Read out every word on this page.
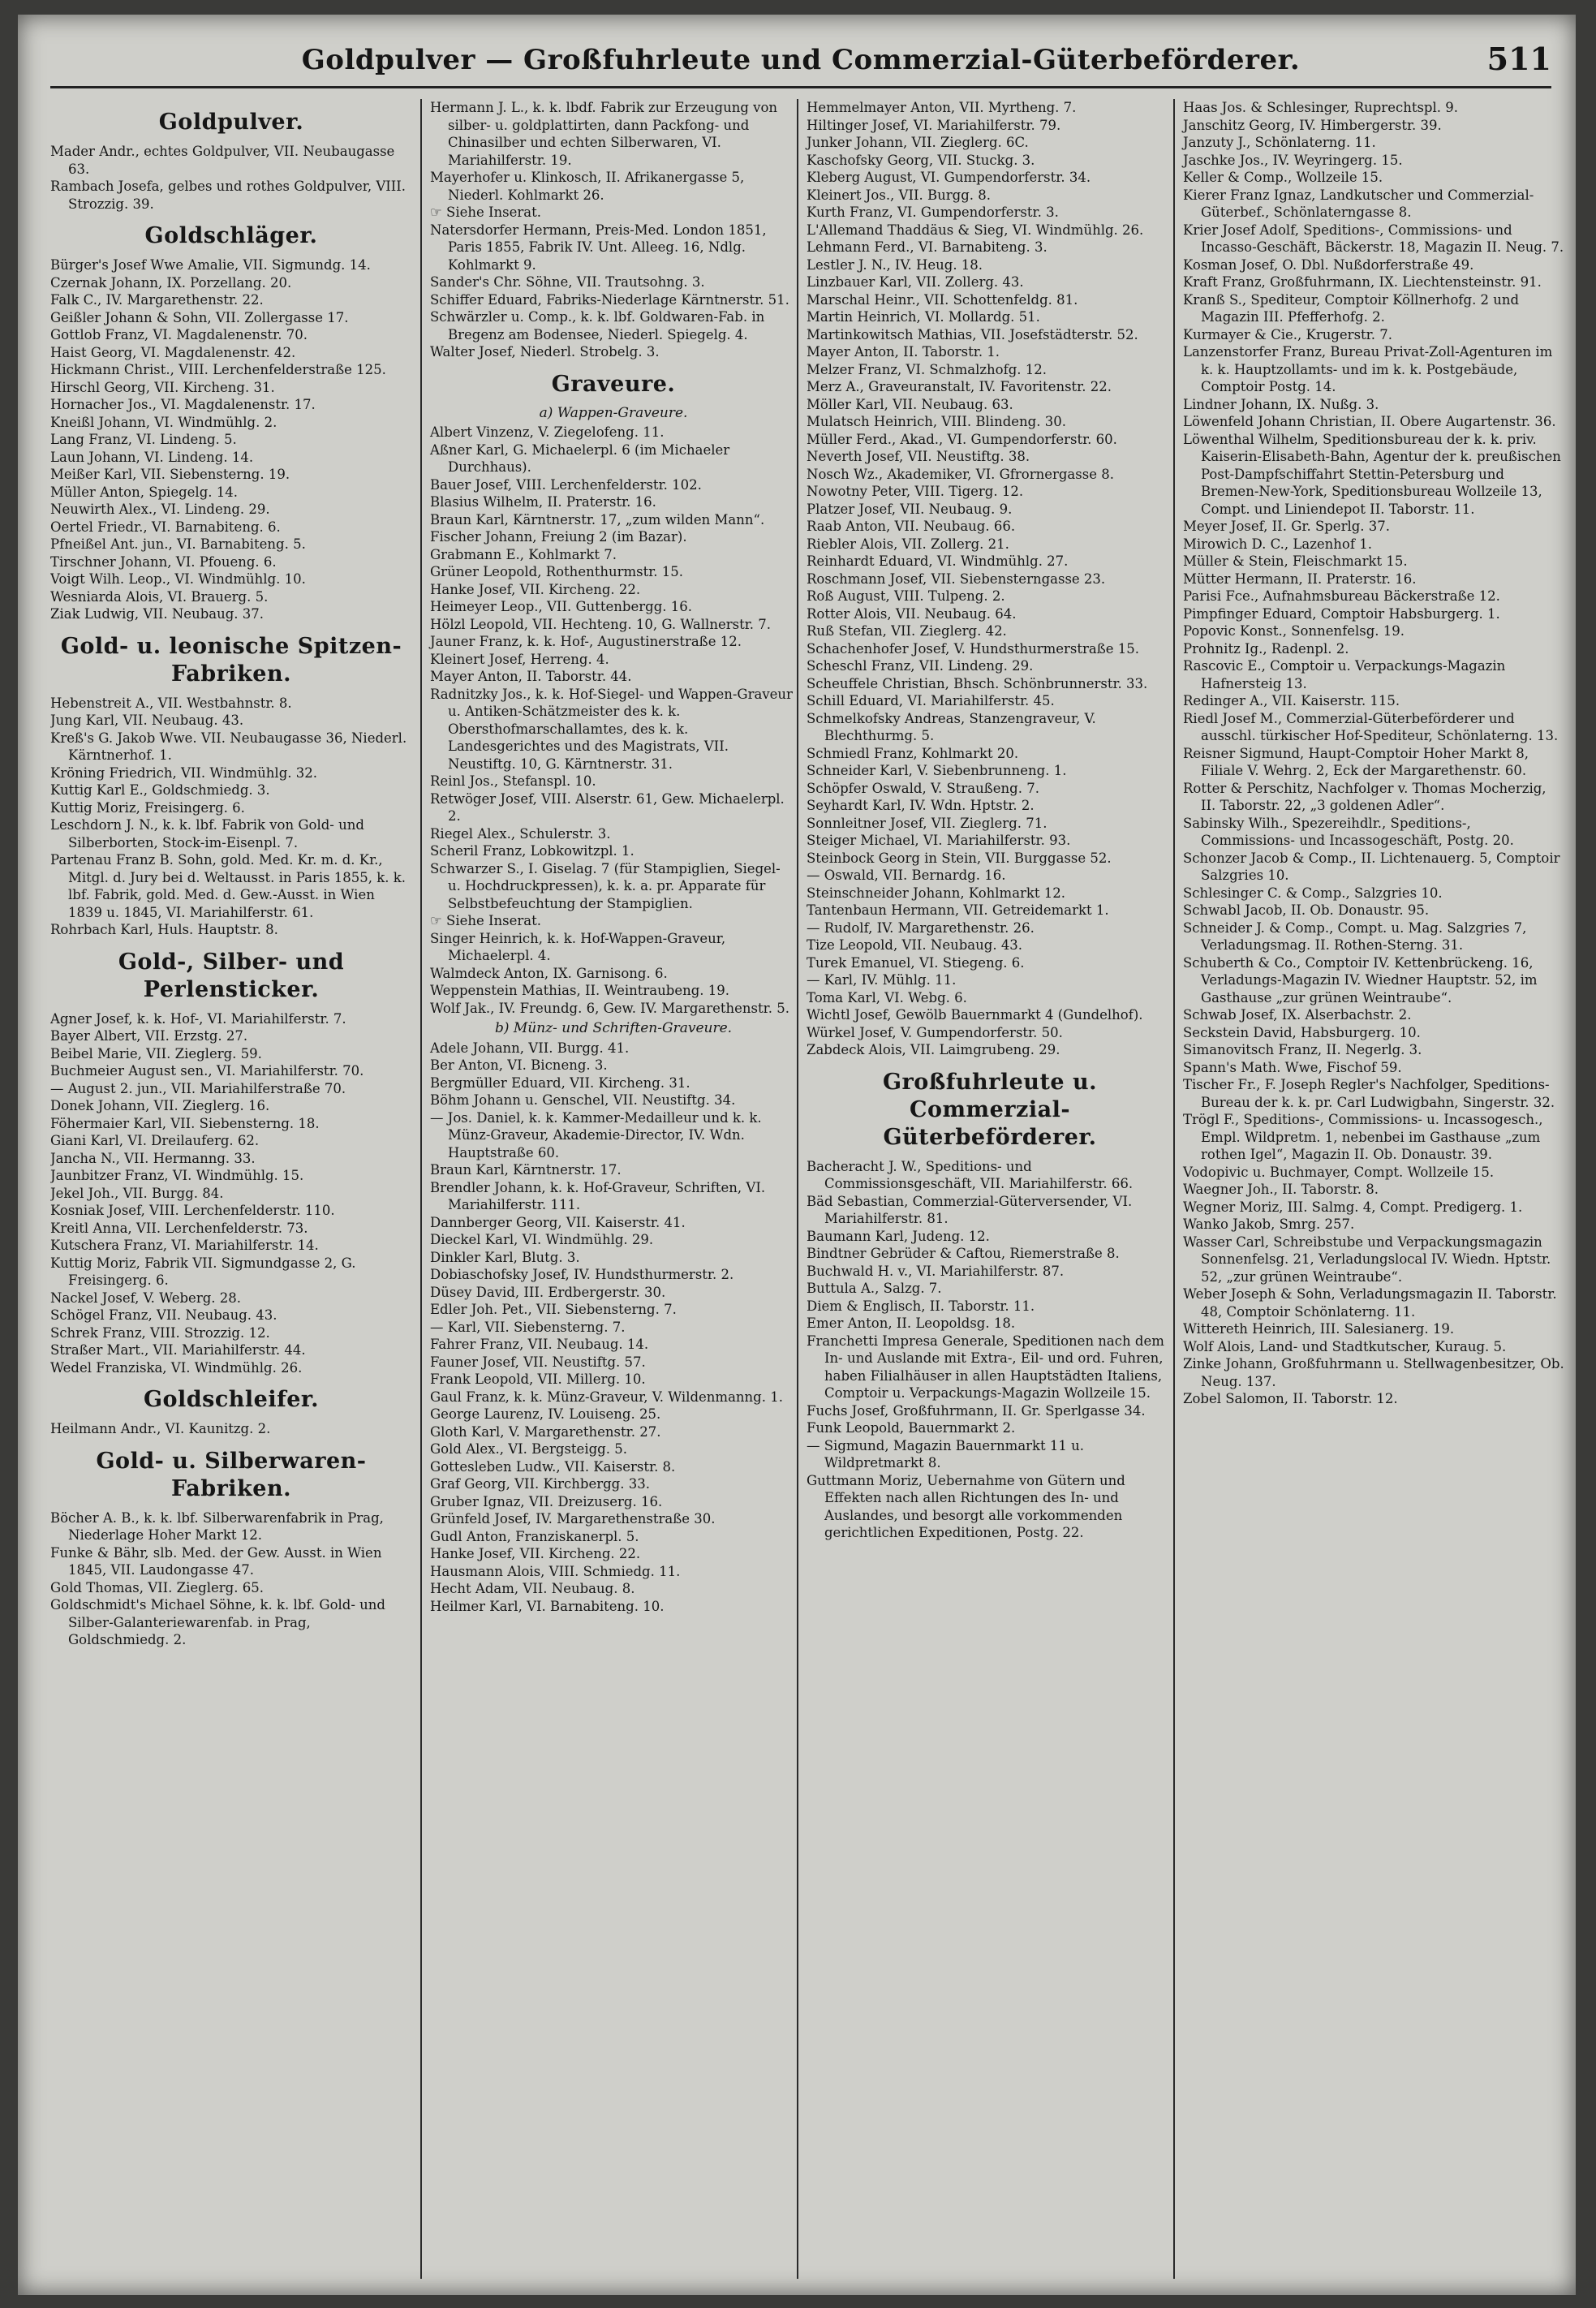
Goldpulver — Großfuhrleute und Commerzial-Güterbeförderer.	511
Goldpulver.
Mader Andr., echtes Goldpulver, VII. Neubaugasse 63.
Rambach Josefa, gelbes und rothes Goldpulver, VIII. Strozzig. 39.
Goldschläger.
Bürger's Josef Wwe Amalie, VII. Sigmundg. 14.
Czernak Johann, IX. Porzellang. 20.
Falk C., IV. Margarethenstr. 22.
Geißler Johann & Sohn, VII. Zollergasse 17.
Gottlob Franz, VI. Magdalenenstr. 70.
Haist Georg, VI. Magdalenenstr. 42.
Hickmann Christ., VIII. Lerchenfelderstraße 125.
Hirschl Georg, VII. Kircheng. 31.
Hornacher Jos., VI. Magdalenenstr. 17.
Kneißl Johann, VI. Windmühlg. 2.
Lang Franz, VI. Lindeng. 5.
Laun Johann, VI. Lindeng. 14.
Meißer Karl, VII. Siebensterng. 19.
Müller Anton, Spiegelg. 14.
Neuwirth Alex., VI. Lindeng. 29.
Oertel Friedr., VI. Barnabiteng. 6.
Pfneißel Ant. jun., VI. Barnabiteng. 5.
Tirschner Johann, VI. Pfoueng. 6.
Voigt Wilh. Leop., VI. Windmühlg. 10.
Wesniarda Alois, VI. Brauerg. 5.
Ziak Ludwig, VII. Neubaug. 37.
Gold- u. leonische Spitzen-Fabriken.
Hebenstreit A., VII. Westbahnstr. 8.
Jung Karl, VII. Neubaug. 43.
Kreß's G. Jakob Wwe. VII. Neubaugasse 36, Niederl. Kärntnerhof. 1.
Kröning Friedrich, VII. Windmühlg. 32.
Kuttig Karl E., Goldschmiedg. 3.
Kuttig Moriz, Freisingerg. 6.
Leschdorn J. N., k. k. lbf. Fabrik von Gold- und Silberborten, Stock-im-Eisenpl. 7.
Partenau Franz B. Sohn, gold. Med. Kr. m. d. Kr., Mitgl. d. Jury bei d. Weltausst. in Paris 1855, k. k. lbf. Fabrik, gold. Med. d. Gew.-Ausst. in Wien 1839 u. 1845, VI. Mariahilferstr. 61.
Rohrbach Karl, Huls. Hauptstr. 8.
Gold-, Silber- und Perlensticker.
Agner Josef, k. k. Hof-, VI. Mariahilferstr. 7.
Bayer Albert, VII. Erzstg. 27.
Beibel Marie, VII. Zieglerg. 59.
Buchmeier August sen., VI. Mariahilferstr. 70.
— August 2. jun., VII. Mariahilferstraße 70.
Donek Johann, VII. Zieglerg. 16.
Föhermaier Karl, VII. Siebensterng. 18.
Giani Karl, VI. Dreilauferg. 62.
Jancha N., VII. Hermanng. 33.
Jaunbitzer Franz, VI. Windmühlg. 15.
Jekel Joh., VII. Burgg. 84.
Kosniak Josef, VIII. Lerchenfelderstr. 110.
Kreitl Anna, VII. Lerchenfelderstr. 73.
Kutschera Franz, VI. Mariahilferstr. 14.
Kuttig Moriz, Fabrik VII. Sigmundgasse 2, G. Freisingerg. 6.
Nackel Josef, V. Weberg. 28.
Schögel Franz, VII. Neubaug. 43.
Schrek Franz, VIII. Strozzig. 12.
Straßer Mart., VII. Mariahilferstr. 44.
Wedel Franziska, VI. Windmühlg. 26.
Goldschleifer.
Heilmann Andr., VI. Kaunitzg. 2.
Gold- u. Silberwaren-Fabriken.
Böcher A. B., k. k. lbf. Silberwarenfabrik in Prag, Niederlage Hoher Markt 12.
Funke & Bähr, slb. Med. der Gew. Ausst. in Wien 1845, VII. Laudongasse 47.
Gold Thomas, VII. Zieglerg. 65.
Goldschmidt's Michael Söhne, k. k. lbf. Gold- und Silber-Galanteriewarenfab. in Prag, Goldschmiedg. 2.
Hermann J. L., k. k. lbdf. Fabrik zur Erzeugung von silber- u. goldplattirten, dann Packfong- und Chinasilber und echten Silberwaren, VI. Mariahilferstr. 19.
Mayerhofer u. Klinkosch, II. Afrikanergasse 5, Niederl. Kohlmarkt 26.
☞ Siehe Inserat.
Natersdorfer Hermann, Preis-Med. London 1851, Paris 1855, Fabrik IV. Unt. Alleeg. 16, Ndlg. Kohlmarkt 9.
Sander's Chr. Söhne, VII. Trautsohng. 3.
Schiffer Eduard, Fabriks-Niederlage Kärntnerstr. 51.
Schwärzler u. Comp., k. k. lbf. Goldwaren-Fab. in Bregenz am Bodensee, Niederl. Spiegelg. 4.
Walter Josef, Niederl. Strobelg. 3.
Graveure.
a) Wappen-Graveure.
Albert Vinzenz, V. Ziegelofeng. 11.
Aßner Karl, G. Michaelerpl. 6 (im Michaeler Durchhaus).
Bauer Josef, VIII. Lerchenfelderstr. 102.
Blasius Wilhelm, II. Praterstr. 16.
Braun Karl, Kärntnerstr. 17, „zum wilden Mann“.
Fischer Johann, Freiung 2 (im Bazar).
Grabmann E., Kohlmarkt 7.
Grüner Leopold, Rothenthurmstr. 15.
Hanke Josef, VII. Kircheng. 22.
Heimeyer Leop., VII. Guttenbergg. 16.
Hölzl Leopold, VII. Hechteng. 10, G. Wallnerstr. 7.
Jauner Franz, k. k. Hof-, Augustinerstraße 12.
Kleinert Josef, Herreng. 4.
Mayer Anton, II. Taborstr. 44.
Radnitzky Jos., k. k. Hof-Siegel- und Wappen-Graveur u. Antiken-Schätzmeister des k. k. Obersthofmarschallamtes, des k. k. Landesgerichtes und des Magistrats, VII. Neustiftg. 10, G. Kärntnerstr. 31.
Reinl Jos., Stefanspl. 10.
Retwöger Josef, VIII. Alserstr. 61, Gew. Michaelerpl. 2.
Riegel Alex., Schulerstr. 3.
Scheril Franz, Lobkowitzpl. 1.
Schwarzer S., I. Giselag. 7 (für Stampiglien, Siegel- u. Hochdruckpressen), k. k. a. pr. Apparate für Selbstbefeuchtung der Stampiglien.
☞ Siehe Inserat.
Singer Heinrich, k. k. Hof-Wappen-Graveur, Michaelerpl. 4.
Walmdeck Anton, IX. Garnisong. 6.
Weppenstein Mathias, II. Weintraubeng. 19.
Wolf Jak., IV. Freundg. 6, Gew. IV. Margarethenstr. 5.
b) Münz- und Schriften-Graveure.
Adele Johann, VII. Burgg. 41.
Ber Anton, VI. Bicneng. 3.
Bergmüller Eduard, VII. Kircheng. 31.
Böhm Johann u. Genschel, VII. Neustiftg. 34.
— Jos. Daniel, k. k. Kammer-Medailleur und k. k. Münz-Graveur, Akademie-Director, IV. Wdn. Hauptstraße 60.
Braun Karl, Kärntnerstr. 17.
Brendler Johann, k. k. Hof-Graveur, Schriften, VI. Mariahilferstr. 111.
Dannberger Georg, VII. Kaiserstr. 41.
Dieckel Karl, VI. Windmühlg. 29.
Dinkler Karl, Blutg. 3.
Dobiaschofsky Josef, IV. Hundsthurmerstr. 2.
Düsey David, III. Erdbergerstr. 30.
Edler Joh. Pet., VII. Siebensterng. 7.
— Karl, VII. Siebensterng. 7.
Fahrer Franz, VII. Neubaug. 14.
Fauner Josef, VII. Neustiftg. 57.
Frank Leopold, VII. Millerg. 10.
Gaul Franz, k. k. Münz-Graveur, V. Wildenmanng. 1.
George Laurenz, IV. Louiseng. 25.
Gloth Karl, V. Margarethenstr. 27.
Gold Alex., VI. Bergsteigg. 5.
Gottesleben Ludw., VII. Kaiserstr. 8.
Graf Georg, VII. Kirchbergg. 33.
Gruber Ignaz, VII. Dreizuserg. 16.
Grünfeld Josef, IV. Margarethenstraße 30.
Gudl Anton, Franziskanerpl. 5.
Hanke Josef, VII. Kircheng. 22.
Hausmann Alois, VIII. Schmiedg. 11.
Hecht Adam, VII. Neubaug. 8.
Heilmer Karl, VI. Barnabiteng. 10.
Hemmelmayer Anton, VII. Myrtheng. 7.
Hiltinger Josef, VI. Mariahilferstr. 79.
Junker Johann, VII. Zieglerg. 6C.
Kaschofsky Georg, VII. Stuckg. 3.
Kleberg August, VI. Gumpendorferstr. 34.
Kleinert Jos., VII. Burgg. 8.
Kurth Franz, VI. Gumpendorferstr. 3.
L'Allemand Thaddäus & Sieg, VI. Windmühlg. 26.
Lehmann Ferd., VI. Barnabiteng. 3.
Lestler J. N., IV. Heug. 18.
Linzbauer Karl, VII. Zollerg. 43.
Marschal Heinr., VII. Schottenfeldg. 81.
Martin Heinrich, VI. Mollardg. 51.
Martinkowitsch Mathias, VII. Josefstädterstr. 52.
Mayer Anton, II. Taborstr. 1.
Melzer Franz, VI. Schmalzhofg. 12.
Merz A., Graveuranstalt, IV. Favoritenstr. 22.
Möller Karl, VII. Neubaug. 63.
Mulatsch Heinrich, VIII. Blindeng. 30.
Müller Ferd., Akad., VI. Gumpendorferstr. 60.
Neverth Josef, VII. Neustiftg. 38.
Nosch Wz., Akademiker, VI. Gfrornergasse 8.
Nowotny Peter, VIII. Tigerg. 12.
Platzer Josef, VII. Neubaug. 9.
Raab Anton, VII. Neubaug. 66.
Riebler Alois, VII. Zollerg. 21.
Reinhardt Eduard, VI. Windmühlg. 27.
Roschmann Josef, VII. Siebensterngasse 23.
Roß August, VIII. Tulpeng. 2.
Rotter Alois, VII. Neubaug. 64.
Ruß Stefan, VII. Zieglerg. 42.
Schachenhofer Josef, V. Hundsthurmerstraße 15.
Scheschl Franz, VII. Lindeng. 29.
Scheuffele Christian, Bhsch. Schönbrunnerstr. 33.
Schill Eduard, VI. Mariahilferstr. 45.
Schmelkofsky Andreas, Stanzengraveur, V. Blechthurmg. 5.
Schmiedl Franz, Kohlmarkt 20.
Schneider Karl, V. Siebenbrunneng. 1.
Schöpfer Oswald, V. Straußeng. 7.
Seyhardt Karl, IV. Wdn. Hptstr. 2.
Sonnleitner Josef, VII. Zieglerg. 71.
Steiger Michael, VI. Mariahilferstr. 93.
Steinbock Georg in Stein, VII. Burggasse 52.
— Oswald, VII. Bernardg. 16.
Steinschneider Johann, Kohlmarkt 12.
Tantenbaun Hermann, VII. Getreidemarkt 1.
— Rudolf, IV. Margarethenstr. 26.
Tize Leopold, VII. Neubaug. 43.
Turek Emanuel, VI. Stiegeng. 6.
— Karl, IV. Mühlg. 11.
Toma Karl, VI. Webg. 6.
Wichtl Josef, Gewölb Bauernmarkt 4 (Gundelhof).
Würkel Josef, V. Gumpendorferstr. 50.
Zabdeck Alois, VII. Laimgrubeng. 29.
Großfuhrleute u. Commerzial-Güterbeförderer.
Bacheracht J. W., Speditions- und Commissionsgeschäft, VII. Mariahilferstr. 66.
Bäd Sebastian, Commerzial-Güterversender, VI. Mariahilferstr. 81.
Baumann Karl, Judeng. 12.
Bindtner Gebrüder & Caftou, Riemerstraße 8.
Buchwald H. v., VI. Mariahilferstr. 87.
Buttula A., Salzg. 7.
Diem & Englisch, II. Taborstr. 11.
Emer Anton, II. Leopoldsg. 18.
Franchetti Impresa Generale, Speditionen nach dem In- und Auslande mit Extra-, Eil- und ord. Fuhren, haben Filialhäuser in allen Hauptstädten Italiens, Comptoir u. Verpackungs-Magazin Wollzeile 15.
Fuchs Josef, Großfuhrmann, II. Gr. Sperlgasse 34.
Funk Leopold, Bauernmarkt 2.
— Sigmund, Magazin Bauernmarkt 11 u. Wildpretmarkt 8.
Guttmann Moriz, Uebernahme von Gütern und Effekten nach allen Richtungen des In- und Auslandes, und besorgt alle vorkommenden gerichtlichen Expeditionen, Postg. 22.
Haas Jos. & Schlesinger, Ruprechtspl. 9.
Janschitz Georg, IV. Himbergerstr. 39.
Janzuty J., Schönlaterng. 11.
Jaschke Jos., IV. Weyringerg. 15.
Keller & Comp., Wollzeile 15.
Kierer Franz Ignaz, Landkutscher und Commerzial-Güterbef., Schönlaterngasse 8.
Krier Josef Adolf, Speditions-, Commissions- und Incasso-Geschäft, Bäckerstr. 18, Magazin II. Neug. 7.
Kosman Josef, O. Dbl. Nußdorferstraße 49.
Kraft Franz, Großfuhrmann, IX. Liechtensteinstr. 91.
Kranß S., Spediteur, Comptoir Köllnerhofg. 2 und Magazin III. Pfefferhofg. 2.
Kurmayer & Cie., Krugerstr. 7.
Lanzenstorfer Franz, Bureau Privat-Zoll-Agenturen im k. k. Hauptzollamts- und im k. k. Postgebäude, Comptoir Postg. 14.
Lindner Johann, IX. Nußg. 3.
Löwenfeld Johann Christian, II. Obere Augartenstr. 36.
Löwenthal Wilhelm, Speditionsbureau der k. k. priv. Kaiserin-Elisabeth-Bahn, Agentur der k. preußischen Post-Dampfschiffahrt Stettin-Petersburg und Bremen-New-York, Speditionsbureau Wollzeile 13, Compt. und Liniendepot II. Taborstr. 11.
Meyer Josef, II. Gr. Sperlg. 37.
Mirowich D. C., Lazenhof 1.
Müller & Stein, Fleischmarkt 15.
Mütter Hermann, II. Praterstr. 16.
Parisi Fce., Aufnahmsbureau Bäckerstraße 12.
Pimpfinger Eduard, Comptoir Habsburgerg. 1.
Popovic Konst., Sonnenfelsg. 19.
Prohnitz Ig., Radenpl. 2.
Rascovic E., Comptoir u. Verpackungs-Magazin Hafnersteig 13.
Redinger A., VII. Kaiserstr. 115.
Riedl Josef M., Commerzial-Güterbeförderer und ausschl. türkischer Hof-Spediteur, Schönlaterng. 13.
Reisner Sigmund, Haupt-Comptoir Hoher Markt 8, Filiale V. Wehrg. 2, Eck der Margarethenstr. 60.
Rotter & Perschitz, Nachfolger v. Thomas Mocherzig, II. Taborstr. 22, „3 goldenen Adler“.
Sabinsky Wilh., Spezereihdlr., Speditions-, Commissions- und Incassogeschäft, Postg. 20.
Schonzer Jacob & Comp., II. Lichtenauerg. 5, Comptoir Salzgries 10.
Schlesinger C. & Comp., Salzgries 10.
Schwabl Jacob, II. Ob. Donaustr. 95.
Schneider J. & Comp., Compt. u. Mag. Salzgries 7, Verladungsmag. II. Rothen-Sterng. 31.
Schuberth & Co., Comptoir IV. Kettenbrückeng. 16, Verladungs-Magazin IV. Wiedner Hauptstr. 52, im Gasthause „zur grünen Weintraube“.
Schwab Josef, IX. Alserbachstr. 2.
Seckstein David, Habsburgerg. 10.
Simanovitsch Franz, II. Negerlg. 3.
Spann's Math. Wwe, Fischof 59.
Tischer Fr., F. Joseph Regler's Nachfolger, Speditions-Bureau der k. k. pr. Carl Ludwigbahn, Singerstr. 32.
Trögl F., Speditions-, Commissions- u. Incassogesch., Empl. Wildpretm. 1, nebenbei im Gasthause „zum rothen Igel“, Magazin II. Ob. Donaustr. 39.
Vodopivic u. Buchmayer, Compt. Wollzeile 15.
Waegner Joh., II. Taborstr. 8.
Wegner Moriz, III. Salmg. 4, Compt. Predigerg. 1.
Wanko Jakob, Smrg. 257.
Wasser Carl, Schreibstube und Verpackungsmagazin Sonnenfelsg. 21, Verladungslocal IV. Wiedn. Hptstr. 52, „zur grünen Weintraube“.
Weber Joseph & Sohn, Verladungsmagazin II. Taborstr. 48, Comptoir Schönlaterng. 11.
Wittereth Heinrich, III. Salesianerg. 19.
Wolf Alois, Land- und Stadtkutscher, Kuraug. 5.
Zinke Johann, Großfuhrmann u. Stellwagenbesitzer, Ob. Neug. 137.
Zobel Salomon, II. Taborstr. 12.
